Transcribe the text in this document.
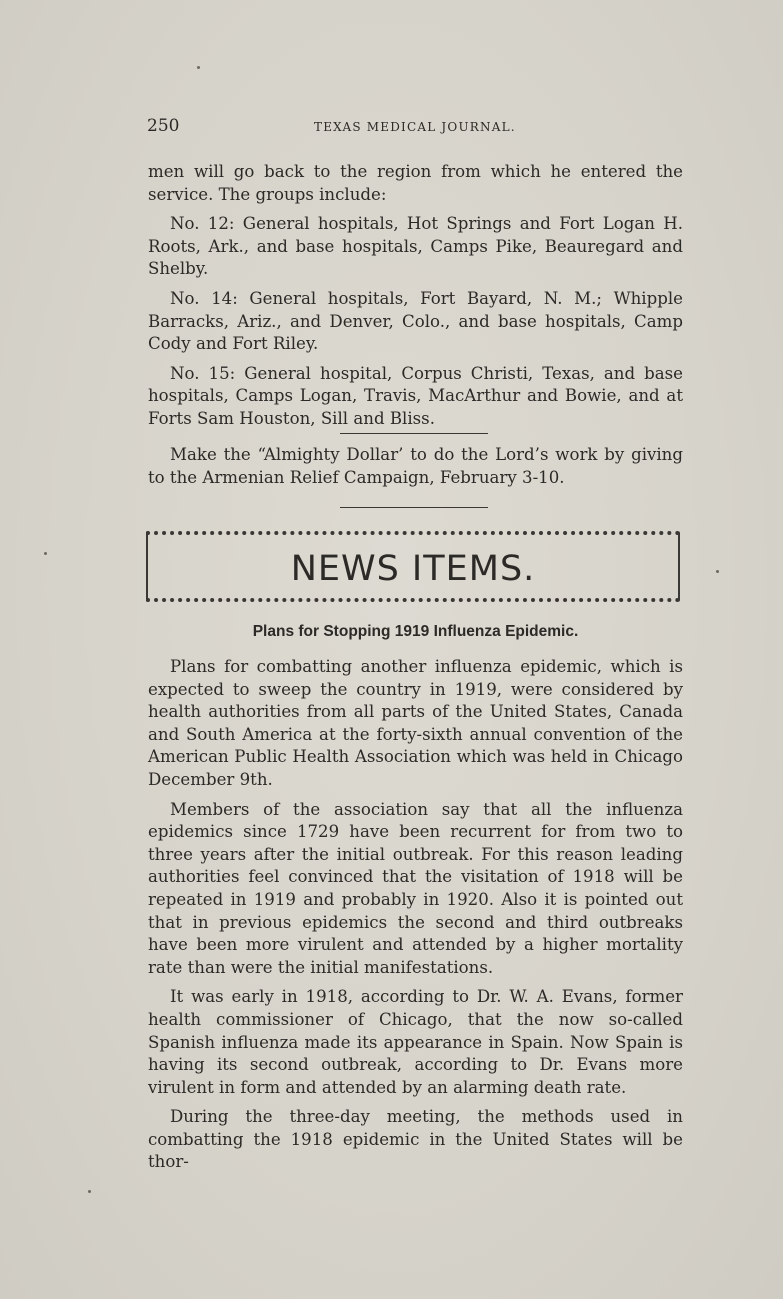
250	TEXAS MEDICAL JOURNAL.

men will go back to the region from which he entered the service. The groups include:

No. 12: General hospitals, Hot Springs and Fort Logan H. Roots, Ark., and base hospitals, Camps Pike, Beauregard and Shelby.

No. 14: General hospitals, Fort Bayard, N. M.; Whipple Barracks, Ariz., and Denver, Colo., and base hospitals, Camp Cody and Fort Riley.

No. 15: General hospital, Corpus Christi, Texas, and base hospitals, Camps Logan, Travis, MacArthur and Bowie, and at Forts Sam Houston, Sill and Bliss.

Make the “Almighty Dollar’ to do the Lord’s work by giving to the Armenian Relief Campaign, February 3-10.

NEWS ITEMS.
Plans for Stopping 1919 Influenza Epidemic.

Plans for combatting another influenza epidemic, which is expected to sweep the country in 1919, were considered by health authorities from all parts of the United States, Canada and South America at the forty-sixth annual convention of the American Public Health Association which was held in Chicago December 9th.

Members of the association say that all the influenza epidemics since 1729 have been recurrent for from two to three years after the initial outbreak. For this reason leading authorities feel convinced that the visitation of 1918 will be repeated in 1919 and probably in 1920. Also it is pointed out that in previous epidemics the second and third outbreaks have been more virulent and attended by a higher mortality rate than were the initial manifestations.

It was early in 1918, according to Dr. W. A. Evans, former health commissioner of Chicago, that the now so-called Spanish influenza made its appearance in Spain. Now Spain is having its second outbreak, according to Dr. Evans more virulent in form and attended by an alarming death rate.

During the three-day meeting, the methods used in combatting the 1918 epidemic in the United States will be thor-
